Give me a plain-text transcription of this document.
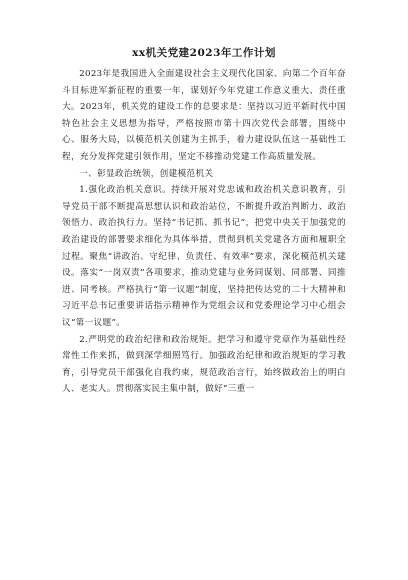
xx机关党建2023年工作计划

2023年是我国进入全面建设社会主义现代化国家、向第二个百年奋斗目标进军新征程的重要一年，谋划好今年党建工作意义重大、责任重大。2023年，机关党的建设工作的总要求是：坚持以习近平新时代中国特色社会主义思想为指导，严格按照市第十四次党代会部署，围绕中心、服务大局，以模范机关创建为主抓手，着力建设队伍这一基础性工程，充分发挥党建引领作用，坚定不移推动党建工作高质量发展。

一、彰显政治统领，创建模范机关

1.强化政治机关意识。持续开展对党忠诚和政治机关意识教育，引导党员干部不断提高思想认识和政治站位，不断提升政治判断力、政治领悟力、政治执行力。坚持“书记抓、抓书记”，把党中央关于加强党的政治建设的部署要求细化为具体举措，贯彻到机关党建各方面和履职全过程。聚焦“讲政治、守纪律、负责任、有效率”要求，深化模范机关建设。落实“一岗双责”各项要求，推动党建与业务同谋划、同部署、同推进、同考核。严格执行“第一议题”制度，坚持把传达党的二十大精神和习近平总书记重要讲话指示精神作为党组会议和党委理论学习中心组会议“第一议题”。

2.严明党的政治纪律和政治规矩。把学习和遵守党章作为基础性经常性工作来抓，做到深学细照笃行。加强政治纪律和政治规矩的学习教育，引导党员干部强化自我约束，规范政治言行，始终做政治上的明白人、老实人。贯彻落实民主集中制，做好“三重一
